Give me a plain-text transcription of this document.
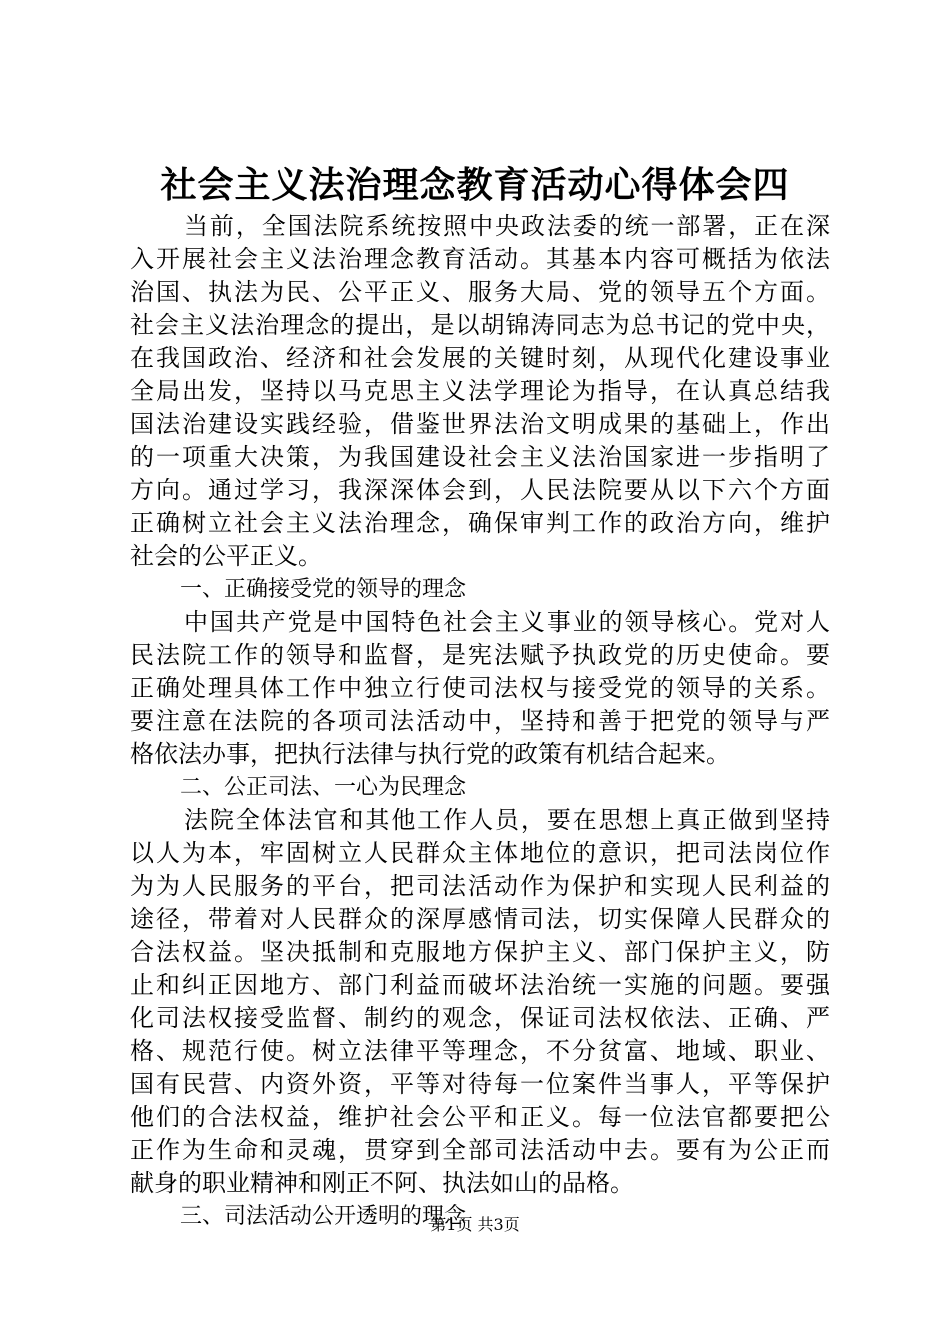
社会主义法治理念教育活动心得体会四
当前，全国法院系统按照中央政法委的统一部署，正在深
入开展社会主义法治理念教育活动。其基本内容可概括为依法
治国、执法为民、公平正义、服务大局、党的领导五个方面。
社会主义法治理念的提出，是以胡锦涛同志为总书记的党中央，
在我国政治、经济和社会发展的关键时刻，从现代化建设事业
全局出发，坚持以马克思主义法学理论为指导，在认真总结我
国法治建设实践经验，借鉴世界法治文明成果的基础上，作出
的一项重大决策，为我国建设社会主义法治国家进一步指明了
方向。通过学习，我深深体会到，人民法院要从以下六个方面
正确树立社会主义法治理念，确保审判工作的政治方向，维护
社会的公平正义。
一、正确接受党的领导的理念
中国共产党是中国特色社会主义事业的领导核心。党对人
民法院工作的领导和监督，是宪法赋予执政党的历史使命。要
正确处理具体工作中独立行使司法权与接受党的领导的关系。
要注意在法院的各项司法活动中，坚持和善于把党的领导与严
格依法办事，把执行法律与执行党的政策有机结合起来。
二、公正司法、一心为民理念
法院全体法官和其他工作人员，要在思想上真正做到坚持
以人为本，牢固树立人民群众主体地位的意识，把司法岗位作
为为人民服务的平台，把司法活动作为保护和实现人民利益的
途径，带着对人民群众的深厚感情司法，切实保障人民群众的
合法权益。坚决抵制和克服地方保护主义、部门保护主义，防
止和纠正因地方、部门利益而破坏法治统一实施的问题。要强
化司法权接受监督、制约的观念，保证司法权依法、正确、严
格、规范行使。树立法律平等理念，不分贫富、地域、职业、
国有民营、内资外资，平等对待每一位案件当事人，平等保护
他们的合法权益，维护社会公平和正义。每一位法官都要把公
正作为生命和灵魂，贯穿到全部司法活动中去。要有为公正而
献身的职业精神和刚正不阿、执法如山的品格。
三、司法活动公开透明的理念
第1页 共3页
